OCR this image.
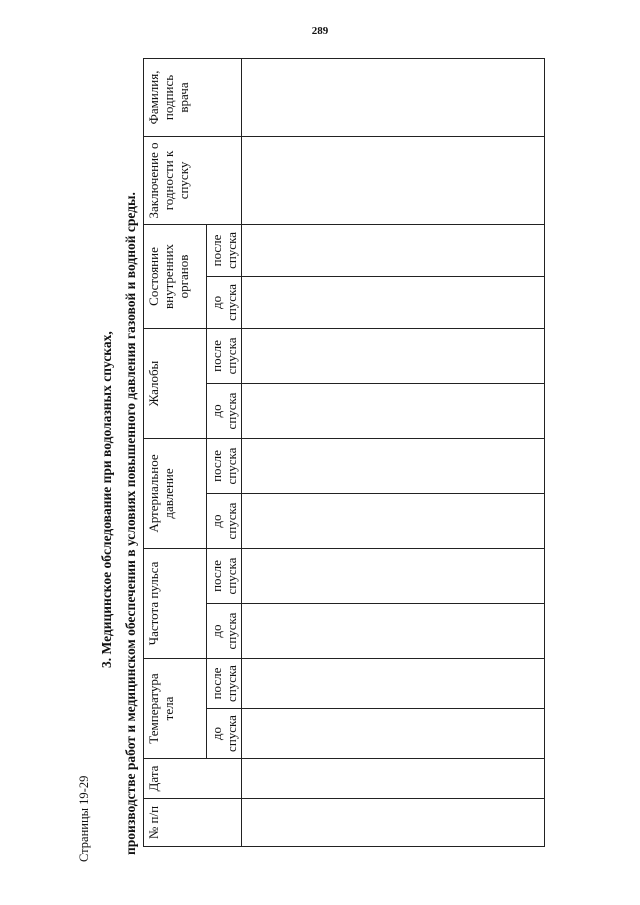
289
Страницы 19-29
3. Медицинское обследование при водолазных спусках, производстве работ и медицинском обеспечении в условиях повышенного давления газовой и водной среды. № п/п	Дата	Температура тела		Частота пульса		Артериальное давление		Жалобы		Состояние внутренних органов		Заключение о годности к спуску	Фамилия, подпись врача
		до спуска	после спуска	до спуска	после спуска	до спуска	после спуска	до спуска	после спуска	до спуска	после спуска		
